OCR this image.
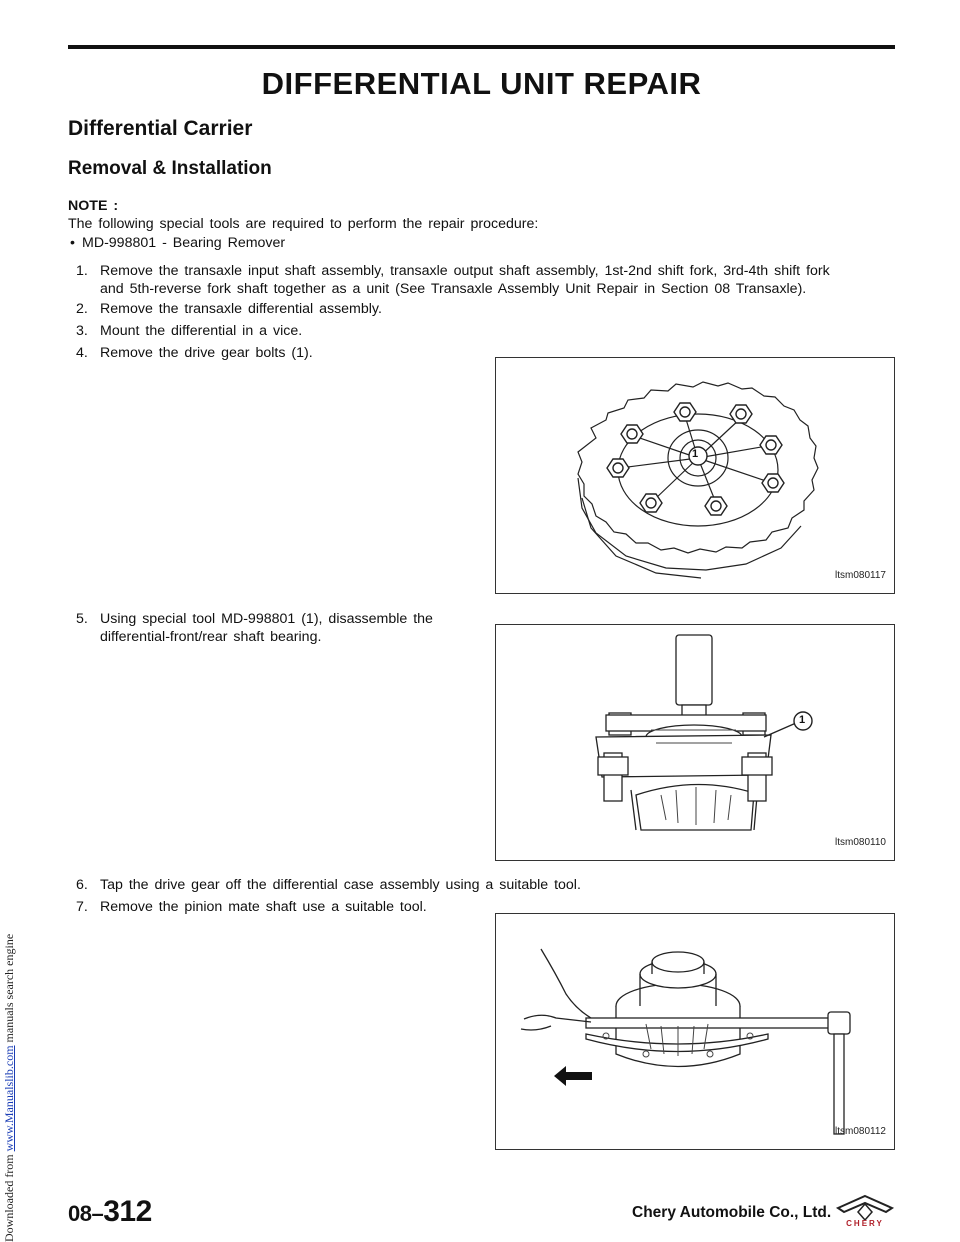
Downloaded from www.Manualslib.com manuals search engine
DIFFERENTIAL UNIT REPAIR
Differential Carrier
Removal & Installation
NOTE :
The following special tools are required to perform the repair procedure:
• MD-998801 - Bearing Remover
1. Remove the transaxle input shaft assembly, transaxle output shaft assembly, 1st-2nd shift fork, 3rd-4th shift fork
and 5th-reverse fork shaft together as a unit (See Transaxle Assembly Unit Repair in Section 08 Transaxle).
2. Remove the transaxle differential assembly.
3. Mount the differential in a vice.
4. Remove the drive gear bolts (1).
5. Using special tool MD-998801 (1), disassemble the
differential-front/rear shaft bearing.
6. Tap the drive gear off the differential case assembly using a suitable tool.
7. Remove the pinion mate shaft use a suitable tool.
1
ltsm080117
1
ltsm080110
ltsm080112
08–312	Chery Automobile Co., Ltd.
CHERY
